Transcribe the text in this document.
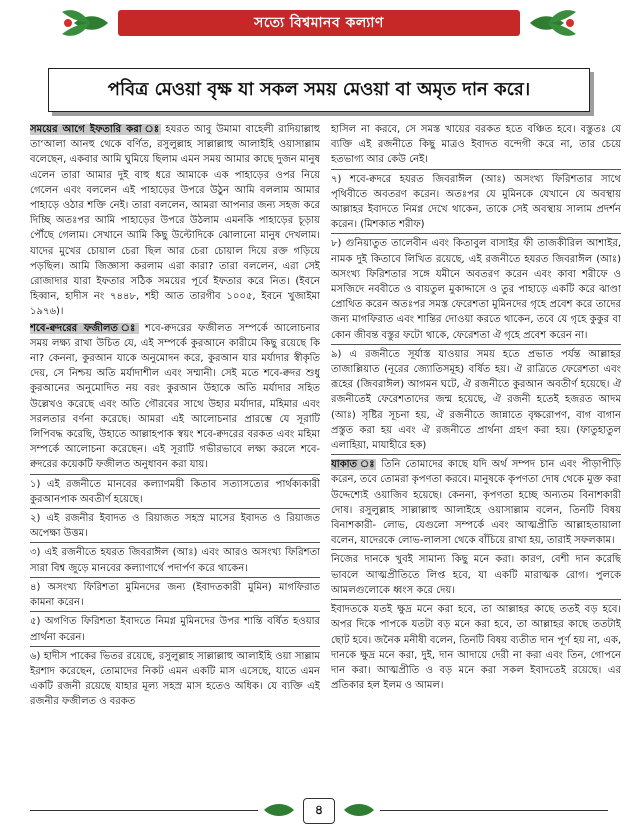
সত্যে বিশ্বমানব কল্যাণ
পবিত্র মেওয়া বৃক্ষ যা সকল সময় মেওয়া বা অমৃত দান করে।

সময়ের আগে ইফতারি করা ঃ হযরত আবু উমামা বাহেলী রাদিয়াল্লাহু তা‘আলা আনহু থেকে বর্ণিত, রসুলুল্লাহ সাল্লাল্লাহু আলাইহি ওয়াসাল্লাম বলেছেন, একবার আমি ঘুমিয়ে ছিলাম এমন সময় আমার কাছে দুজন মানুষ এলেন তারা আমার দুই বাহু ধরে আমাকে এক পাহাড়ের ওপর নিয়ে গেলেন এবং বললেন এই পাহাড়ের উপরে উঠুন আমি বললাম আমার পাহাড়ে ওঠার শক্তি নেই। তারা বললেন, আমরা আপনার জন্য সহজ করে দিচ্ছি অতঃপর আমি পাহাড়ের উপরে উঠলাম এমনকি পাহাড়ের চূড়ায় পৌঁছে গেলাম। সেখানে আমি কিছু উল্টোদিকে ঝোলানো মানুষ দেখলাম। যাদের মুখের চোয়াল চেরা ছিল আর চেরা চোয়াল দিয়ে রক্ত গড়িয়ে পড়ছিল। আমি জিজ্ঞাসা করলাম এরা কারা? তারা বললেন, এরা সেই রোজাদার যারা ইফতার সঠিক সময়ের পূর্বে ইফতার করে নিত। (ইবনে হিব্বান, হাদীস নং ৭৪৪৮, শহী আত তারগীব ১০০৫, ইবনে খুজাইমা ১৯৭৬)।

শবে-ক্বদরের ফজীলত ঃ শবে-ক্বদরের ফজীলত সম্পর্কে আলোচনার সময় লক্ষ্য রাখা উচিত যে, এই সম্পর্কে কুরআনে কারীমে কিছু রয়েছে কি না? কেননা, কুরআন যাকে অনুমোদন করে, কুরআন যার মর্যাদার স্বীকৃতি দেয়, সে নিশ্চয় অতি মর্যাদাশীল এবং সম্মানী। সেই মতে শবে-ক্বদর শুধু কুরআনের অনুমোদিত নয় বরং কুরআন উহাকে অতি মর্যাদার সহিত উল্লেখও করেছে এবং অতি গৌরবের সাথে উহার মর্যাদার, মহিমার এবং সরলতার বর্ণনা করেছে। আমরা এই আলোচনার প্রারম্ভে যে সূরাটি লিপিবদ্ধ করেছি, উহাতে আল্লাহপাক স্বয়ং শবে-ক্বদরের বরকত এবং মহিমা সম্পর্কে আলোচনা করেছেন। এই সূরাটি গভীরভাবে লক্ষ্য করলে শবে-ক্বদরের কয়েকটি ফজীলত অনুধাবন করা যায়।

১) এই রজনীতে মানবের কল্যাণময়ী কিতাব সত্যাসত্যের পার্থক্যকারী কুরআনপাক অবতীর্ণ হয়েছে।

২) এই রজনীর ইবাদত ও রিয়াজত সহস্র মাসের ইবাদত ও রিয়াজত অপেক্ষা উত্তম।

৩) এই রজনীতে হযরত জিবরাঈল (আঃ) এবং আরও অসংখ্য ফিরিশতা সারা বিশ্ব জুড়ে মানবের কল্যাণার্থে পদার্পণ করে থাকেন।

৪) অসংখ্য ফিরিশতা মুমিনদের জন্য (ইবাদতকারী মুমিন) মাগফিরাত কামনা করেন।

৫) অগণিত ফিরিশতা ইবাদতে নিমগ্ন মুমিনদের উপর শান্তি বর্ষিত হওয়ার প্রার্থনা করেন।

৬) হাদীস পাকের ভিতর রয়েছে, রসুলুল্লাহ সাল্লাল্লাহু আলাইহি ওয়া সাল্লাম ইরশাদ করেছেন, তোমাদের নিকট এমন একটি মাস এসেছে, যাতে এমন একটি রজনী রয়েছে যাহার মূল্য সহস্র মাস হতেও অধিক। যে ব্যক্তি এই রজনীর ফজীলত ও বরকত

হাসিল না করবে, সে সমস্ত খায়ের বরকত হতে বঞ্চিত হবে। বস্তুতঃ যে ব্যক্তি এই রজনীতে কিছু মাত্রও ইবাদত বন্দেগী করে না, তার চেয়ে হতভাগ্য আর কেউ নেই।

৭) শবে-ক্বদরে হযরত জিবরাঈল (আঃ) অসংখ্য ফিরিশতার সাথে পৃথিবীতে অবতরণ করেন। অতঃপর যে মুমিনকে যেখানে যে অবস্থায় আল্লাহর ইবাদতে নিমগ্ন দেখে থাকেন, তাকে সেই অবস্থায় সালাম প্রদর্শন করেন। (মিশকাত শরীফ)

৮) গুনিয়াতুত তালেবীন এবং কিতাবুল বাসাইর ফী তাজকীরিল আশাইর, নামক দুই কিতাবে লিখিত রয়েছে, এই রজনীতে হযরত জিবরাঈল (আঃ) অসংখ্য ফিরিশতার সঙ্গে যমীনে অবতরণ করেন এবং কাবা শরীফে ও মসজিদে নববীতে ও বায়তুল মুকাদ্দাসে ও তুর পাহাড়ে একটি করে ঝাণ্ডা প্রোথিত করেন অতঃপর সমস্ত ফেরেশতা মুমিনদের গৃহে প্রবেশ করে তাদের জন্য মাগফিরাত এবং শান্তির দোওয়া করতে থাকেন, তবে যে গৃহে কুকুর বা কোন জীবন্ত বস্তুর ফটো থাকে, ফেরেশতা ঐ গৃহে প্রবেশ করেন না।

৯) এ রজনীতে সূর্যাস্ত যাওয়ার সময় হতে প্রভাত পর্যন্ত আল্লাহর তাজাল্লিয়াত (নূরের জ্যোতিসমূহ) বর্ষিত হয়। ঐ রাত্রিতে ফেরেশতা এবং রূহের (জিবরাঈল) আগমন ঘটে, ঐ রজনীতে কুরআন অবতীর্ণ হয়েছে। ঐ রজনীতেই ফেরেশতাদের জন্ম হয়েছে, ঐ রজনী হতেই হজরত আদম (আঃ) সৃষ্টির সূচনা হয়, ঐ রজনীতে জান্নাতে বৃক্ষরোপণ, বাগ বাগান প্রস্তুত করা হয় এবং ঐ রজনীতে প্রার্থনা গ্রহণ করা হয়। (ফাতুহাতুল এলাহিয়া, মাযাহীরে হক)

যাকাত ঃ তিনি তোমাদের কাছে যদি অর্থ সম্পদ চান এবং পীড়াপীড়ি করেন, তবে তোমরা কৃপণতা করবে। মানুষকে কৃপণতা দোষ থেকে মুক্ত করা উদ্দেশ্যেই ওয়াজিব হয়েছে। কেননা, কৃপণতা হচ্ছে অন্যতম বিনাশকারী দোষ। রসুলুল্লাহ সাল্লাল্লাহু আলাইহে ওয়াসাল্লাম বলেন, তিনটি বিষয় বিনাশকারী- লোভ, যেগুলো সম্পর্কে এবং আত্মপ্রীতি আল্লাহতায়ালা বলেন, যাদেরকে লোভ-লালসা থেকে বাঁচিয়ে রাখা হয়, তারাই সফলকাম।

নিজের দানকে খুবই সামান্য কিছু মনে করা। কারণ, বেশী দান করেছি ভাবলে আত্মপ্রীতিতে লিপ্ত হবে, যা একটি মারাত্মক রোগ। পুলকে আমলগুলোকে ধ্বংস করে দেয়।

ইবাদতকে যতই ক্ষুদ্র মনে করা হবে, তা আল্লাহর কাছে ততই বড় হবে। অপর দিকে পাপকে যতটা বড় মনে করা হবে, তা আল্লাহর কাছে ততটাই ছোট হবে। জনৈক মনীষী বলেন, তিনটি বিষয় ব্যতীত দান পূর্ণ হয় না, এক, দানকে ক্ষুদ্র মনে করা, দুই, দান আদায়ে দেরী না করা এবং তিন, গোপনে দান করা। আত্মপ্রীতি ও বড় মনে করা সকল ইবাদতেই রয়েছে। এর প্রতিকার হল ইলম ও আমল।

৪
